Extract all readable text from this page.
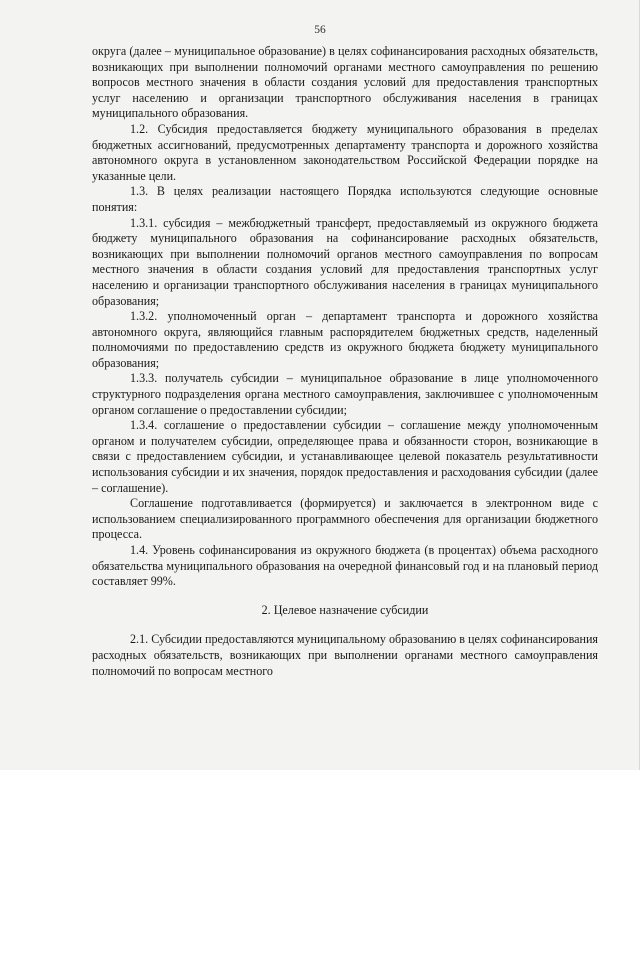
56

округа (далее – муниципальное образование) в целях софинансирования расходных обязательств, возникающих при выполнении полномочий органами местного самоуправления по решению вопросов местного значения в области создания условий для предоставления транспортных услуг населению и организации транспортного обслуживания населения в границах муниципального образования.

1.2. Субсидия предоставляется бюджету муниципального образования в пределах бюджетных ассигнований, предусмотренных департаменту транспорта и дорожного хозяйства автономного округа в установленном законодательством Российской Федерации порядке на указанные цели.

1.3. В целях реализации настоящего Порядка используются следующие основные понятия:

1.3.1. субсидия – межбюджетный трансферт, предоставляемый из окружного бюджета бюджету муниципального образования на софинансирование расходных обязательств, возникающих при выполнении полномочий органов местного самоуправления по вопросам местного значения в области создания условий для предоставления транспортных услуг населению и организации транспортного обслуживания населения в границах муниципального образования;

1.3.2. уполномоченный орган – департамент транспорта и дорожного хозяйства автономного округа, являющийся главным распорядителем бюджетных средств, наделенный полномочиями по предоставлению средств из окружного бюджета бюджету муниципального образования;

1.3.3. получатель субсидии – муниципальное образование в лице уполномоченного структурного подразделения органа местного самоуправления, заключившее с уполномоченным органом соглашение о предоставлении субсидии;

1.3.4. соглашение о предоставлении субсидии – соглашение между уполномоченным органом и получателем субсидии, определяющее права и обязанности сторон, возникающие в связи с предоставлением субсидии, и устанавливающее целевой показатель результативности использования субсидии и их значения, порядок предоставления и расходования субсидии (далее – соглашение).

Соглашение подготавливается (формируется) и заключается в электронном виде с использованием специализированного программного обеспечения для организации бюджетного процесса.

1.4. Уровень софинансирования из окружного бюджета (в процентах) объема расходного обязательства муниципального образования на очередной финансовый год и на плановый период составляет 99%.

2. Целевое назначение субсидии

2.1. Субсидии предоставляются муниципальному образованию в целях софинансирования расходных обязательств, возникающих при выполнении органами местного самоуправления полномочий по вопросам местного
